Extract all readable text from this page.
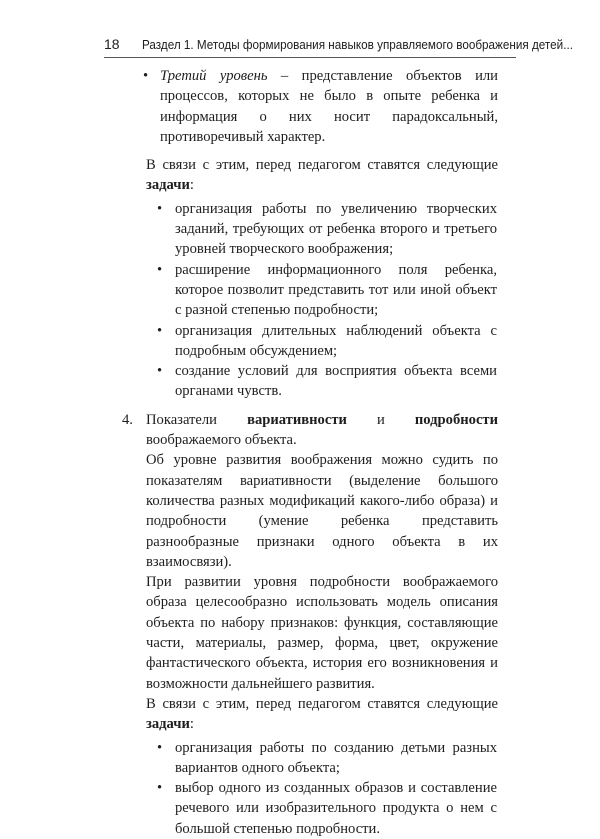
18 Раздел 1. Методы формирования навыков управляемого воображения детей...

• Третий уровень – представление объектов или процессов, которых не было в опыте ребенка и информация о них носит парадоксальный, противоречивый характер.

В связи с этим, перед педагогом ставятся следующие задачи:

• организация работы по увеличению творческих заданий, требующих от ребенка второго и третьего уровней творческого воображения;

• расширение информационного поля ребенка, которое позволит представить тот или иной объект с разной степенью подробности;

• организация длительных наблюдений объекта с подробным обсуждением;

• создание условий для восприятия объекта всеми органами чувств.

4. Показатели вариативности и подробности воображаемого объекта.

Об уровне развития воображения можно судить по показателям вариативности (выделение большого количества разных модификаций какого-либо образа) и подробности (умение ребенка представить разнообразные признаки одного объекта в их взаимосвязи).

При развитии уровня подробности воображаемого образа целесообразно использовать модель описания объекта по набору признаков: функция, составляющие части, материалы, размер, форма, цвет, окружение фантастического объекта, история его возникновения и возможности дальнейшего развития.

В связи с этим, перед педагогом ставятся следующие задачи:

• организация работы по созданию детьми разных вариантов одного объекта;

• выбор одного из созданных образов и составление речевого или изобразительного продукта о нем с большой степенью подробности.
